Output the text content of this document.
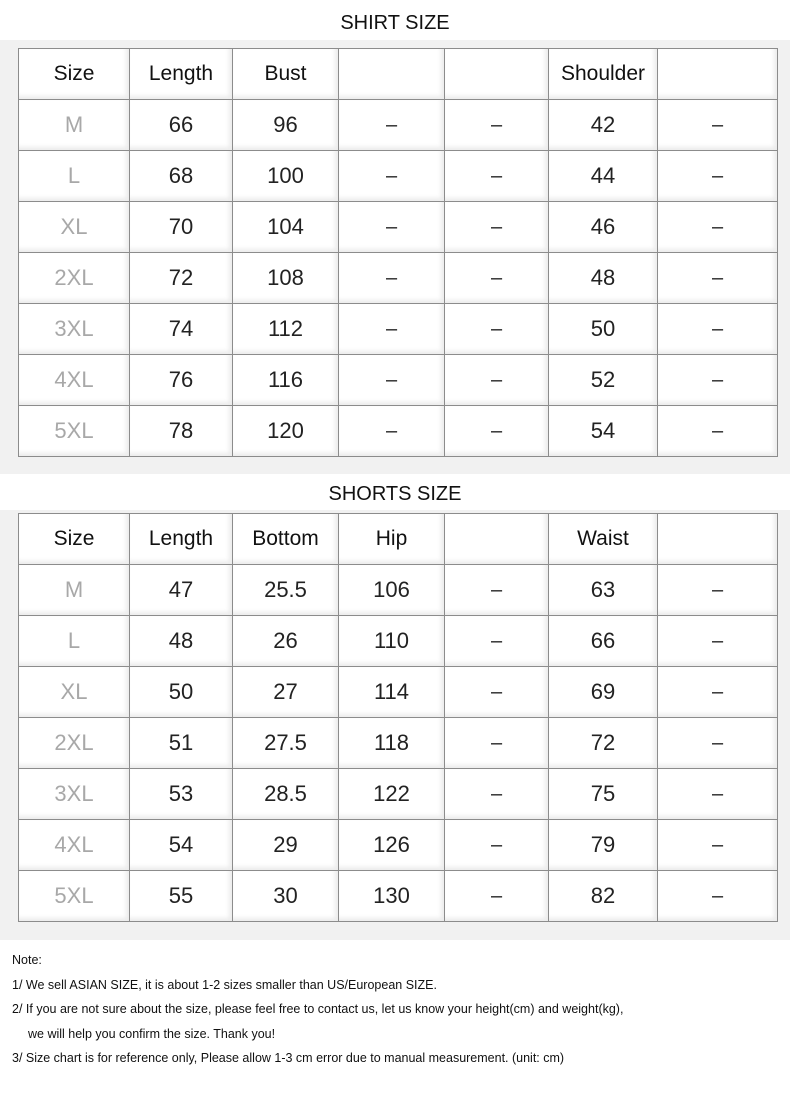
SHIRT SIZE
Size	Length	Bust			Shoulder	
M	66	96	–	–	42	–
L	68	100	–	–	44	–
XL	70	104	–	–	46	–
2XL	72	108	–	–	48	–
3XL	74	112	–	–	50	–
4XL	76	116	–	–	52	–
5XL	78	120	–	–	54	–
SHORTS SIZE
Size	Length	Bottom	Hip		Waist	
M	47	25.5	106	–	63	–
L	48	26	110	–	66	–
XL	50	27	114	–	69	–
2XL	51	27.5	118	–	72	–
3XL	53	28.5	122	–	75	–
4XL	54	29	126	–	79	–
5XL	55	30	130	–	82	–
Note:
1/ We sell ASIAN SIZE, it is about 1-2 sizes smaller than US/European SIZE.
2/ If you are not sure about the size, please feel free to contact us, let us know your height(cm) and weight(kg),
we will help you confirm the size. Thank you!
3/ Size chart is for reference only, Please allow 1-3 cm error due to manual measurement. (unit: cm)
